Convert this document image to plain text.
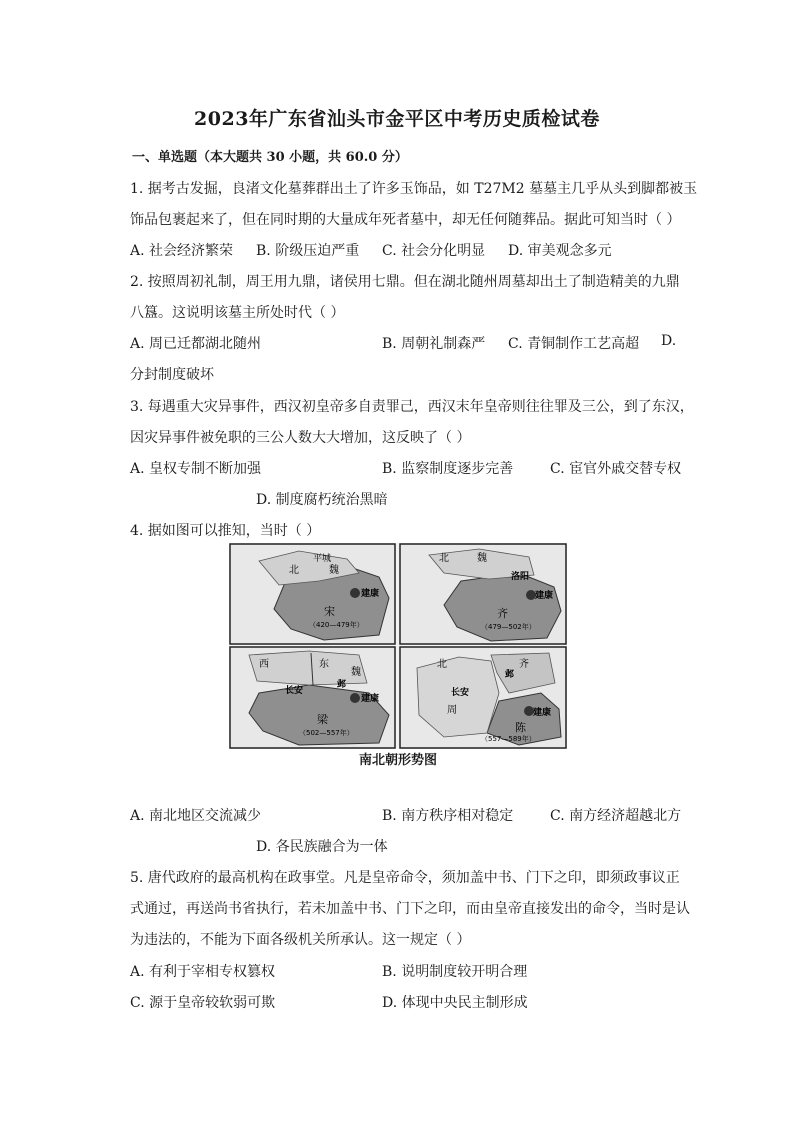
2023年广东省汕头市金平区中考历史质检试卷
一、单选题（本大题共 30 小题，共 60.0 分）
1. 据考古发掘，良渚文化墓葬群出土了许多玉饰品，如 T27M2 墓墓主几乎从头到脚都被玉
饰品包裹起来了，但在同时期的大量成年死者墓中，却无任何随葬品。据此可知当时（ ）
A. 社会经济繁荣 B. 阶级压迫严重 C. 社会分化明显 D. 审美观念多元
2. 按照周初礼制，周王用九鼎，诸侯用七鼎。但在湖北随州周墓却出土了制造精美的九鼎
八簋。这说明该墓主所处时代（ ）
A. 周已迁都湖北随州	B. 周朝礼制森严 C. 青铜制作工艺高超 D.
分封制度破坏
3. 每遇重大灾异事件，西汉初皇帝多自责罪己，西汉末年皇帝则往往罪及三公，到了东汉，
因灾异事件被免职的三公人数大大增加，这反映了（ ）
A. 皇权专制不断加强	B. 监察制度逐步完善	C. 宦官外戚交替专权
D. 制度腐朽统治黑暗
4. 据如图可以推知，当时（ ）
平城
北	魏
建康
宋
（420—479年）
北	魏
洛阳
建康
齐
（479—502年）
西	东
长安
邺
魏
建康
梁
（502—557年）
北	齐
邺
长安
周	建康
陈
（557—589年）
南北朝形势图
A. 南北地区交流减少	B. 南方秩序相对稳定	C. 南方经济超越北方
D. 各民族融合为一体
5. 唐代政府的最高机构在政事堂。凡是皇帝命令，须加盖中书、门下之印，即须政事议正
式通过，再送尚书省执行，若未加盖中书、门下之印，而由皇帝直接发出的命令，当时是认
为违法的，不能为下面各级机关所承认。这一规定（ ）
A. 有利于宰相专权篡权	B. 说明制度较开明合理
C. 源于皇帝较软弱可欺	D. 体现中央民主制形成
